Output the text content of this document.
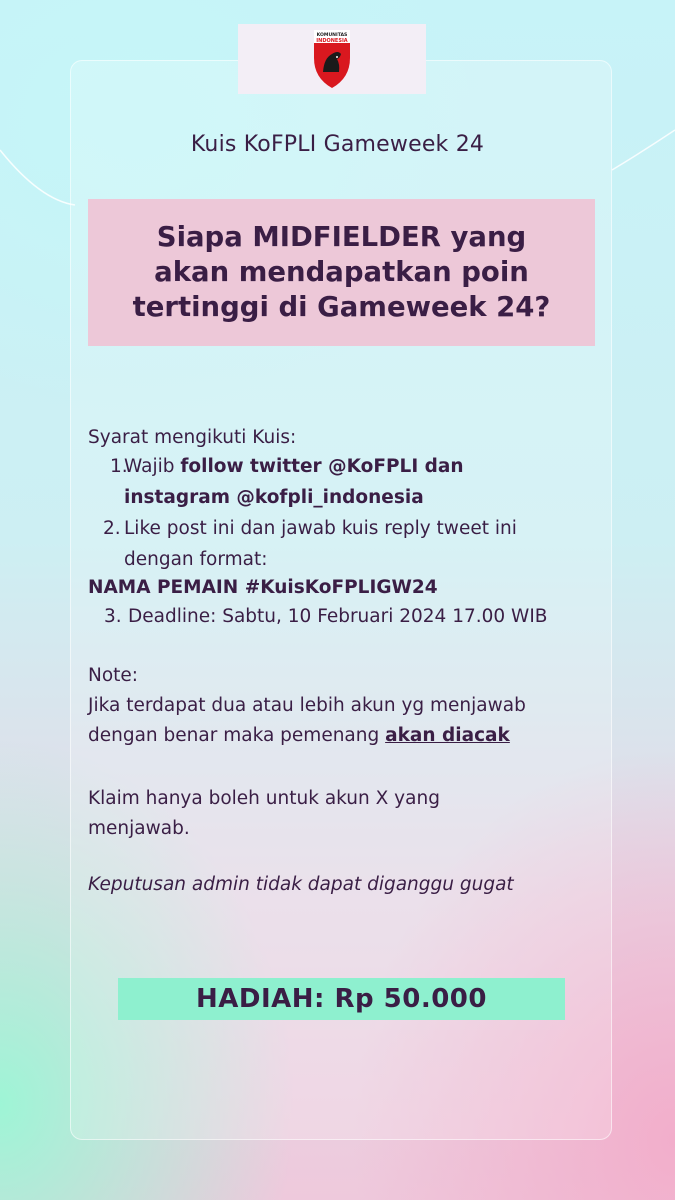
KOMUNITAS
INDONESIA
Kuis KoFPLI Gameweek 24
Siapa MIDFIELDER yang akan mendapatkan poin tertinggi di Gameweek 24?
Syarat mengikuti Kuis:
1.
Wajib follow twitter @KoFPLI dan
instagram @kofpli_indonesia
2. Like post ini dan jawab kuis reply tweet ini
dengan format:
NAMA PEMAIN #KuisKoFPLIGW24
3. Deadline: Sabtu, 10 Februari 2024 17.00 WIB
Note:
Jika terdapat dua atau lebih akun yg menjawab
dengan benar maka pemenang akan diacak
Klaim hanya boleh untuk akun X yang
menjawab.
Keputusan admin tidak dapat diganggu gugat
HADIAH: Rp 50.000
